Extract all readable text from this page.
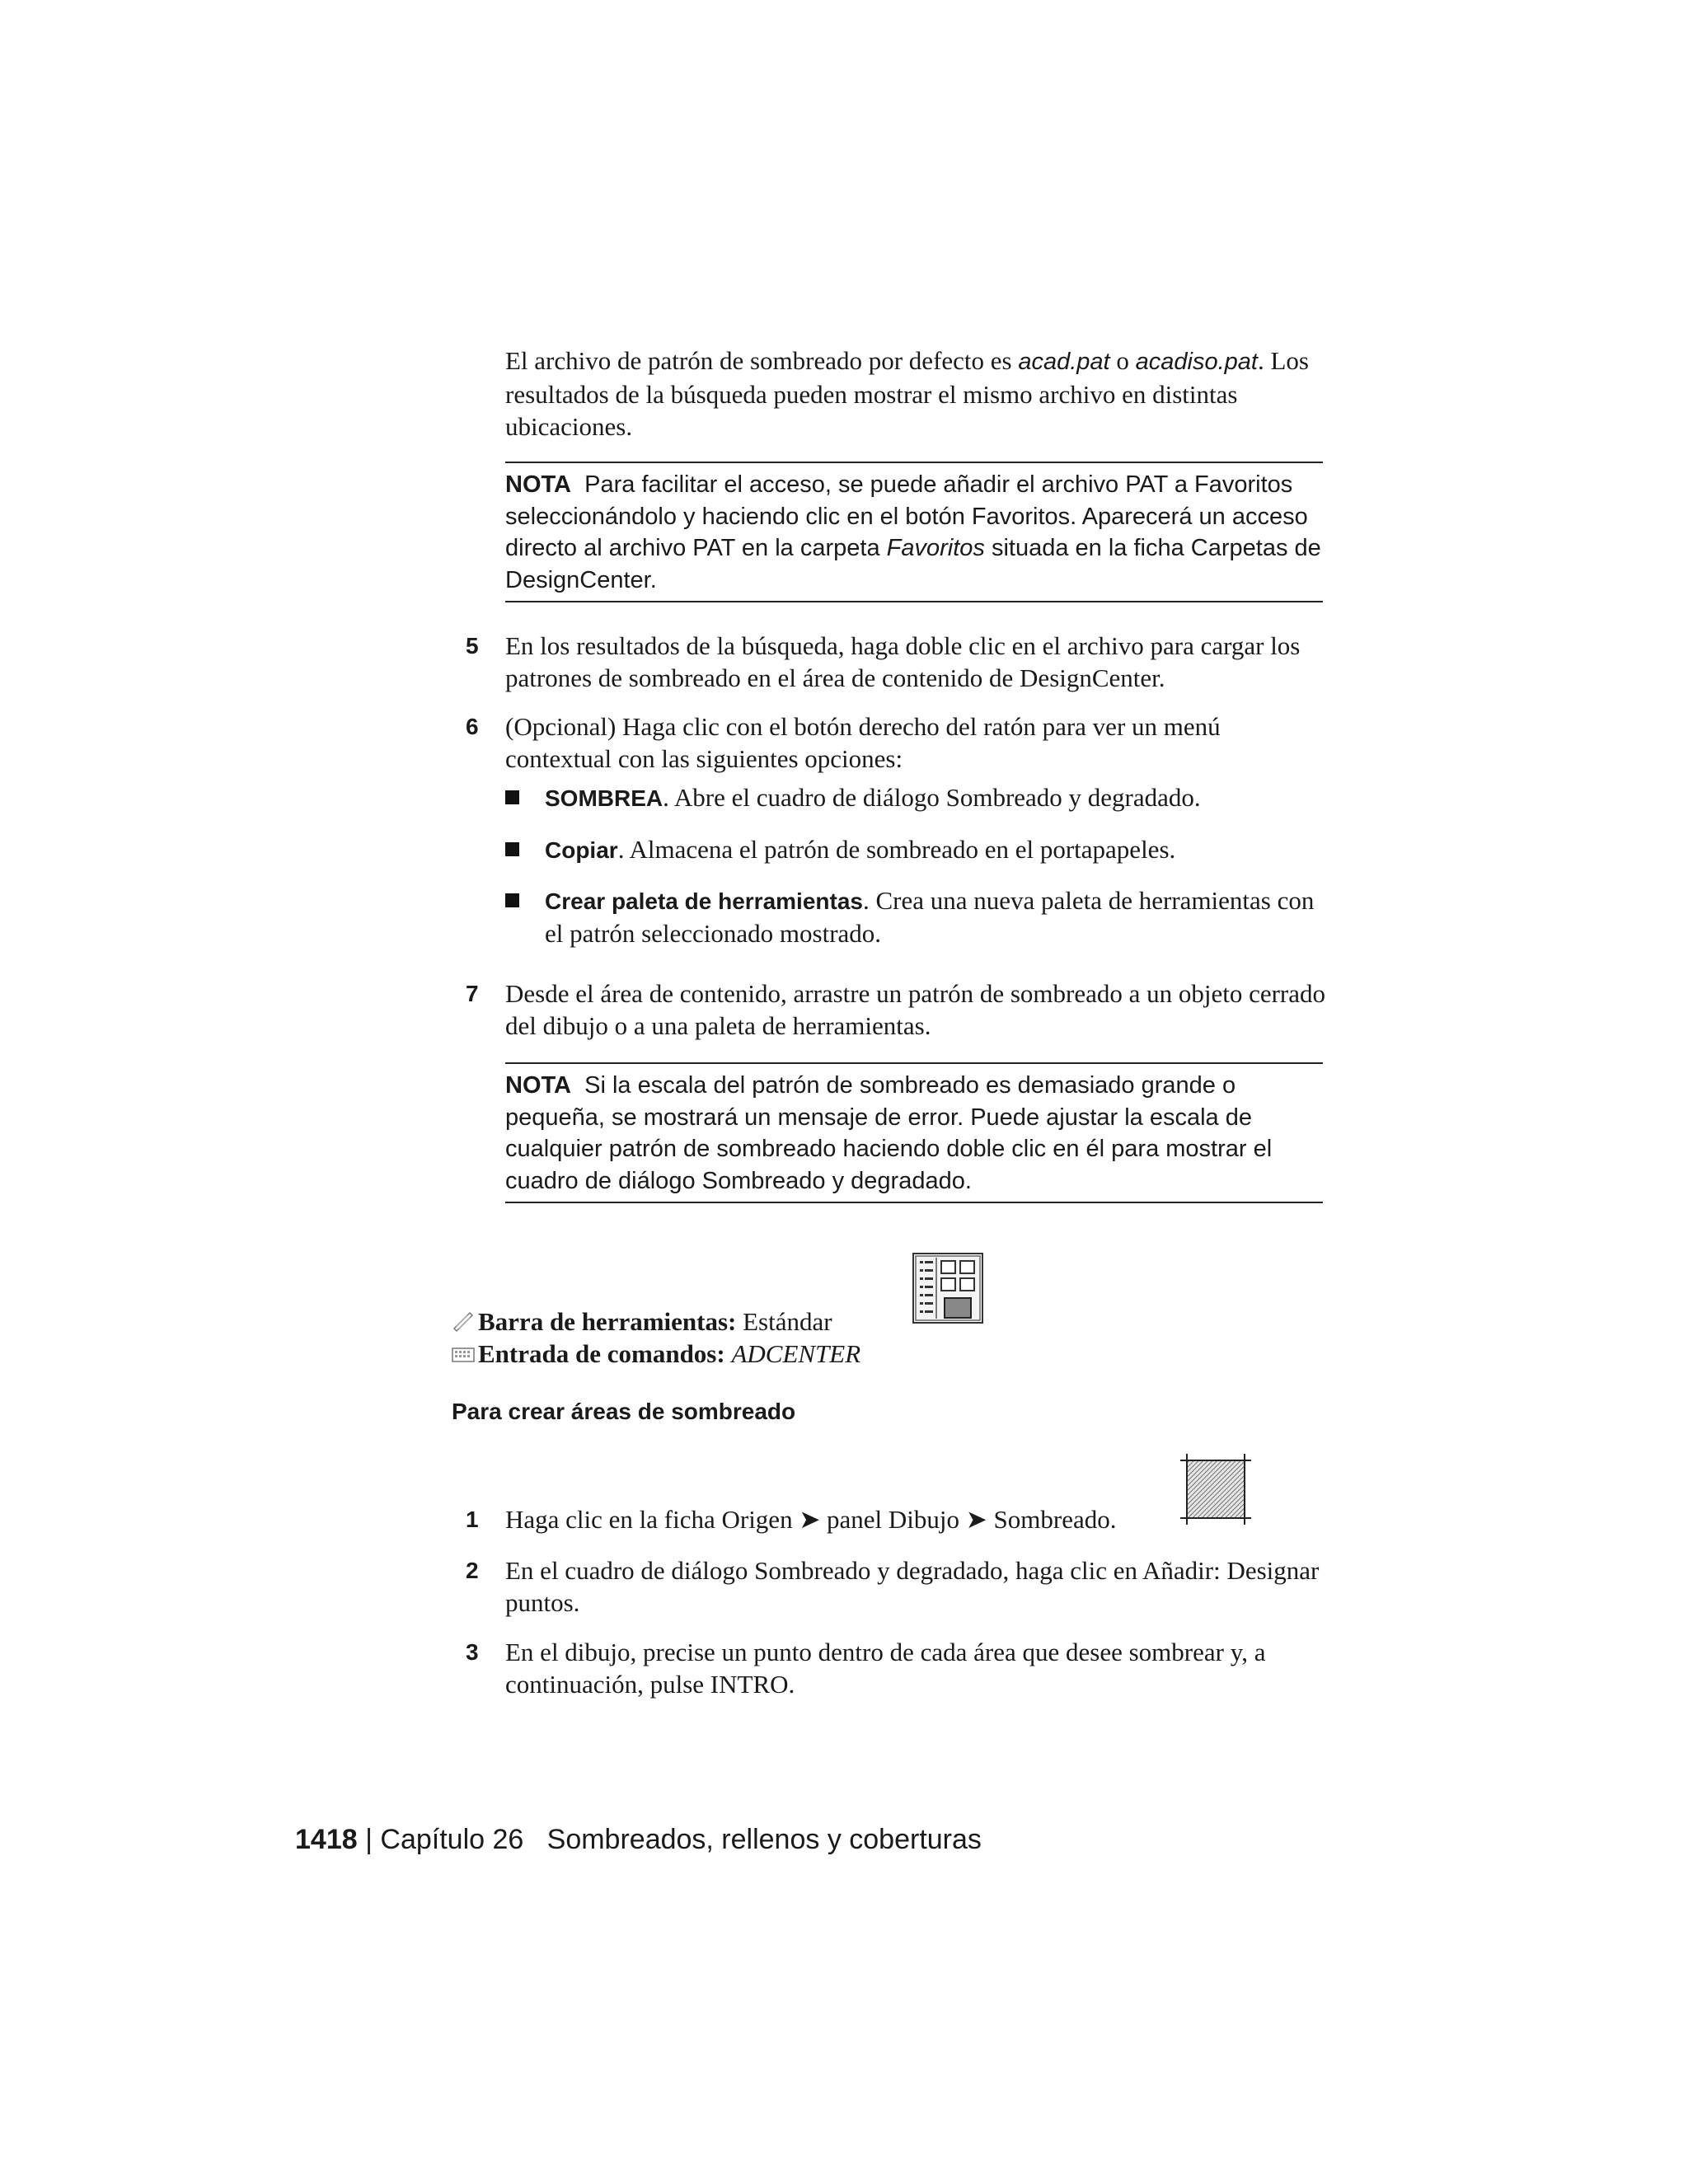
El archivo de patrón de sombreado por defecto es acad.pat o acadiso.pat. Los resultados de la búsqueda pueden mostrar el mismo archivo en distintas ubicaciones.
NOTA Para facilitar el acceso, se puede añadir el archivo PAT a Favoritos seleccionándolo y haciendo clic en el botón Favoritos. Aparecerá un acceso directo al archivo PAT en la carpeta Favoritos situada en la ficha Carpetas de DesignCenter.
5	En los resultados de la búsqueda, haga doble clic en el archivo para cargar los patrones de sombreado en el área de contenido de DesignCenter.
6	(Opcional) Haga clic con el botón derecho del ratón para ver un menú contextual con las siguientes opciones:
SOMBREA. Abre el cuadro de diálogo Sombreado y degradado.
Copiar. Almacena el patrón de sombreado en el portapapeles.
Crear paleta de herramientas. Crea una nueva paleta de herramientas con el patrón seleccionado mostrado.
7	Desde el área de contenido, arrastre un patrón de sombreado a un objeto cerrado del dibujo o a una paleta de herramientas.
NOTA Si la escala del patrón de sombreado es demasiado grande o pequeña, se mostrará un mensaje de error. Puede ajustar la escala de cualquier patrón de sombreado haciendo doble clic en él para mostrar el cuadro de diálogo Sombreado y degradado.
Barra de herramientas: Estándar
Entrada de comandos: ADCENTER
Para crear áreas de sombreado
1	Haga clic en la ficha Origen ➤ panel Dibujo ➤ Sombreado.
2	En el cuadro de diálogo Sombreado y degradado, haga clic en Añadir: Designar puntos.
3	En el dibujo, precise un punto dentro de cada área que desee sombrear y, a continuación, pulse INTRO.
1418 | Capítulo 26 Sombreados, rellenos y coberturas
